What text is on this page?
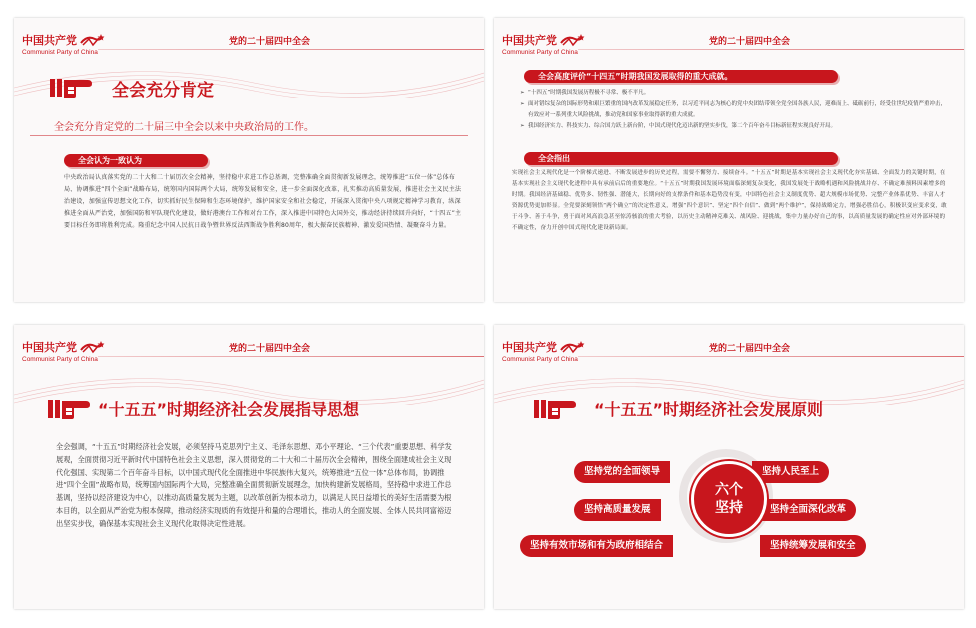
中国共产党
Communist Party of China
党的二十届四中全会
全会充分肯定
全会充分肯定党的二十届三中全会以来中央政治局的工作。
全会认为一致认为
中央政治局认真落实党的二十大和二十届历次全会精神，坚持稳中求进工作总基调，完整准确全面贯彻新发展理念，统筹推进“五位一体”总体布局、协调推进“四个全面”战略布局，统筹国内国际两个大局，统筹发展和安全，进一步全面深化改革，扎实推动高质量发展，推进社会主义民主法治建设，加强宣传思想文化工作，切实抓好民生保障和生态环境保护，维护国家安全和社会稳定，开展深入贯彻中央八项规定精神学习教育，纵深推进全面从严治党，加强国防和军队现代化建设，做好港澳台工作和对台工作，深入推进中国特色大国外交，推动经济持续回升向好，“十四五”主要目标任务即将胜利完成。隆重纪念中国人民抗日战争暨世界反法西斯战争胜利80周年，极大振奋民族精神、激发爱国热情、凝聚奋斗力量。
中国共产党
Communist Party of China
党的二十届四中全会
全会高度评价“十四五”时期我国发展取得的重大成就。
➢ “十四五”时期我国发展历程极不寻常、极不平凡。
➢ 面对错综复杂的国际形势和艰巨繁重的国内改革发展稳定任务，以习近平同志为核心的党中央团结带领全党全国各族人民，迎难而上、砥砺前行，经受住世纪疫情严重冲击，有效应对一系列重大风险挑战，推动党和国家事业取得新的重大成就。
➢ 我国经济实力、科技实力、综合国力跃上新台阶，中国式现代化迈出新的坚实步伐，第二个百年奋斗目标新征程实现良好开局。
全会指出
实现社会主义现代化是一个阶梯式递进、不断发展进步的历史过程，需要不懈努力、接续奋斗。“十五五”时期是基本实现社会主义现代化夯实基础、全面发力的关键时期，在基本实现社会主义现代化进程中具有承前启后的重要地位。“十五五”时期我国发展环境面临深刻复杂变化，我国发展处于战略机遇和风险挑战并存、不确定难预料因素增多的时期。我国经济基础稳、优势多、韧性强、潜能大，长期向好的支撑条件和基本趋势没有变，中国特色社会主义制度优势、超大规模市场优势、完整产业体系优势、丰富人才资源优势更加彰显。全党要深刻领悟“两个确立”的决定性意义，增强“四个意识”、坚定“四个自信”、做到“两个维护”，保持战略定力，增强必胜信心，积极识变应变求变，敢于斗争、善于斗争，勇于面对风高浪急甚至惊涛骇浪的重大考验，以历史主动精神克难关、战风险、迎挑战，集中力量办好自己的事，以高质量发展的确定性应对外部环境的不确定性，奋力开创中国式现代化建设新局面。
中国共产党
Communist Party of China
党的二十届四中全会
“十五五”时期经济社会发展指导思想
全会强调，“十五五”时期经济社会发展，必须坚持马克思列宁主义、毛泽东思想、邓小平理论、“三个代表”重要思想、科学发展观，全面贯彻习近平新时代中国特色社会主义思想，深入贯彻党的二十大和二十届历次全会精神，围绕全面建成社会主义现代化强国、实现第二个百年奋斗目标，以中国式现代化全面推进中华民族伟大复兴，统筹推进“五位一体”总体布局，协调推进“四个全面”战略布局，统筹国内国际两个大局，完整准确全面贯彻新发展理念，加快构建新发展格局，坚持稳中求进工作总基调，坚持以经济建设为中心，以推动高质量发展为主题，以改革创新为根本动力，以满足人民日益增长的美好生活需要为根本目的，以全面从严治党为根本保障，推动经济实现质的有效提升和量的合理增长，推动人的全面发展、全体人民共同富裕迈出坚实步伐，确保基本实现社会主义现代化取得决定性进展。
中国共产党
Communist Party of China
党的二十届四中全会
“十五五”时期经济社会发展原则
坚持党的全面领导	坚持人民至上
坚持高质量发展	坚持全面深化改革
坚持有效市场和有为政府相结合	坚持统筹发展和安全
六个
坚持
